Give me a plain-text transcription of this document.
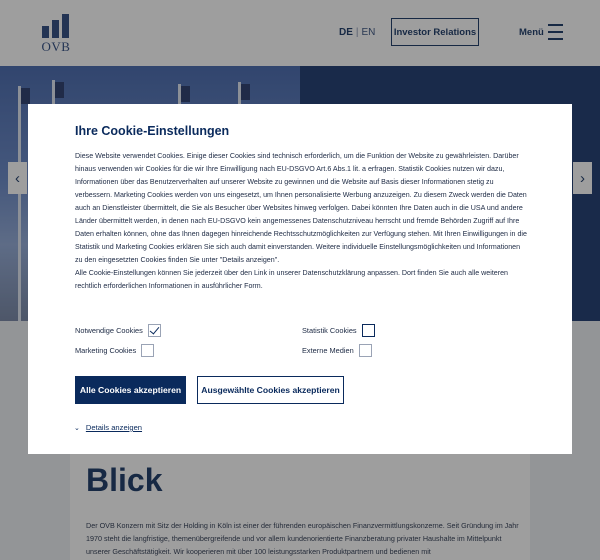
OVB
DE | EN Investor Relations	Menü
‹	›
Blick
Der OVB Konzern mit Sitz der Holding in Köln ist einer der führenden europäischen Finanzvermittlungskonzerne. Seit Gründung im Jahr 1970 steht die langfristige, themenübergreifende und vor allem kundenorientierte Finanzberatung privater Haushalte im Mittelpunkt unserer Geschäftstätigkeit. Wir kooperieren mit über 100 leistungsstarken Produktpartnern und bedienen mit
Ihre Cookie-Einstellungen

Diese Website verwendet Cookies. Einige dieser Cookies sind technisch erforderlich, um die Funktion der Website zu gewährleisten. Darüber hinaus verwenden wir Cookies für die wir Ihre Einwilligung nach EU-DSGVO Art.6 Abs.1 lit. a erfragen. Statistik Cookies nutzen wir dazu, Informationen über das Benutzerverhalten auf unserer Website zu gewinnen und die Website auf Basis dieser Informationen stetig zu verbessern. Marketing Cookies werden von uns eingesetzt, um Ihnen personalisierte Werbung anzuzeigen. Zu diesem Zweck werden die Daten auch an Dienstleister übermittelt, die Sie als Besucher über Websites hinweg verfolgen. Dabei könnten Ihre Daten auch in die USA und andere Länder übermittelt werden, in denen nach EU-DSGVO kein angemessenes Datenschutzniveau herrscht und fremde Behörden Zugriff auf Ihre Daten erhalten können, ohne das Ihnen dagegen hinreichende Rechtsschutzmöglichkeiten zur Verfügung stehen. Mit Ihren Einwilligungen in die Statistik und Marketing Cookies erklären Sie sich auch damit einverstanden. Weitere individuelle Einstellungsmöglichkeiten und Informationen zu den eingesetzten Cookies finden Sie unter "Details anzeigen".

Alle Cookie-Einstellungen können Sie jederzeit über den Link in unserer Datenschutzklärung anpassen. Dort finden Sie auch alle weiteren rechtlich erforderlichen Informationen in ausführlicher Form.

Notwendige Cookies	Statistik Cookies
Marketing Cookies	Externe Medien
Alle Cookies akzeptieren	Ausgewählte Cookies akzeptieren
⌄ Details anzeigen
